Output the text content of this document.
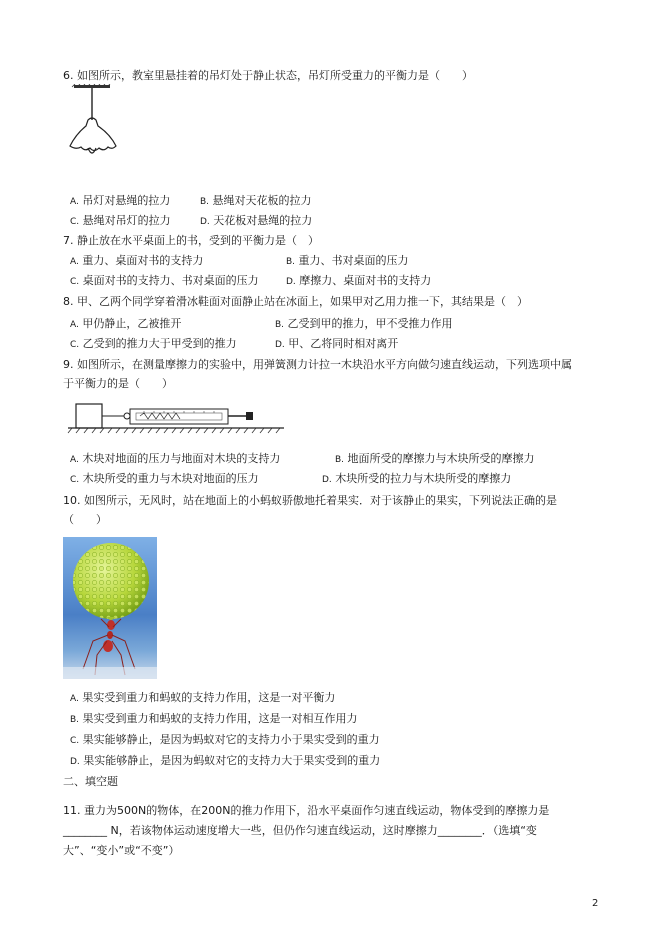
6. 如图所示，教室里悬挂着的吊灯处于静止状态，吊灯所受重力的平衡力是（　　）
A. 吊灯对悬绳的拉力	B. 悬绳对天花板的拉力
C. 悬绳对吊灯的拉力	D. 天花板对悬绳的拉力
7. 静止放在水平桌面上的书，受到的平衡力是（　）
A. 重力、桌面对书的支持力	B. 重力、书对桌面的压力
C. 桌面对书的支持力、书对桌面的压力	D. 摩擦力、桌面对书的支持力
8. 甲、乙两个同学穿着滑冰鞋面对面静止站在冰面上，如果甲对乙用力推一下，其结果是（　）
A. 甲仍静止，乙被推开	B. 乙受到甲的推力，甲不受推力作用
C. 乙受到的推力大于甲受到的推力	D. 甲、乙将同时相对离开
9. 如图所示，在测量摩擦力的实验中，用弹簧测力计拉一木块沿水平方向做匀速直线运动，下列选项中属
于平衡力的是（　　）
A. 木块对地面的压力与地面对木块的支持力	B. 地面所受的摩擦力与木块所受的摩擦力
C. 木块所受的重力与木块对地面的压力	D. 木块所受的拉力与木块所受的摩擦力
10. 如图所示，无风时，站在地面上的小蚂蚁骄傲地托着果实．对于该静止的果实，下列说法正确的是
（　　）
A. 果实受到重力和蚂蚁的支持力作用，这是一对平衡力
B. 果实受到重力和蚂蚁的支持力作用，这是一对相互作用力
C. 果实能够静止，是因为蚂蚁对它的支持力小于果实受到的重力
D. 果实能够静止，是因为蚂蚁对它的支持力大于果实受到的重力
二、填空题
11. 重力为500N的物体，在200N的推力作用下，沿水平桌面作匀速直线运动，物体受到的摩擦力是
________ N，若该物体运动速度增大一些，但仍作匀速直线运动，这时摩擦力________．（选填“变
大”、“变小”或“不变”）
2
